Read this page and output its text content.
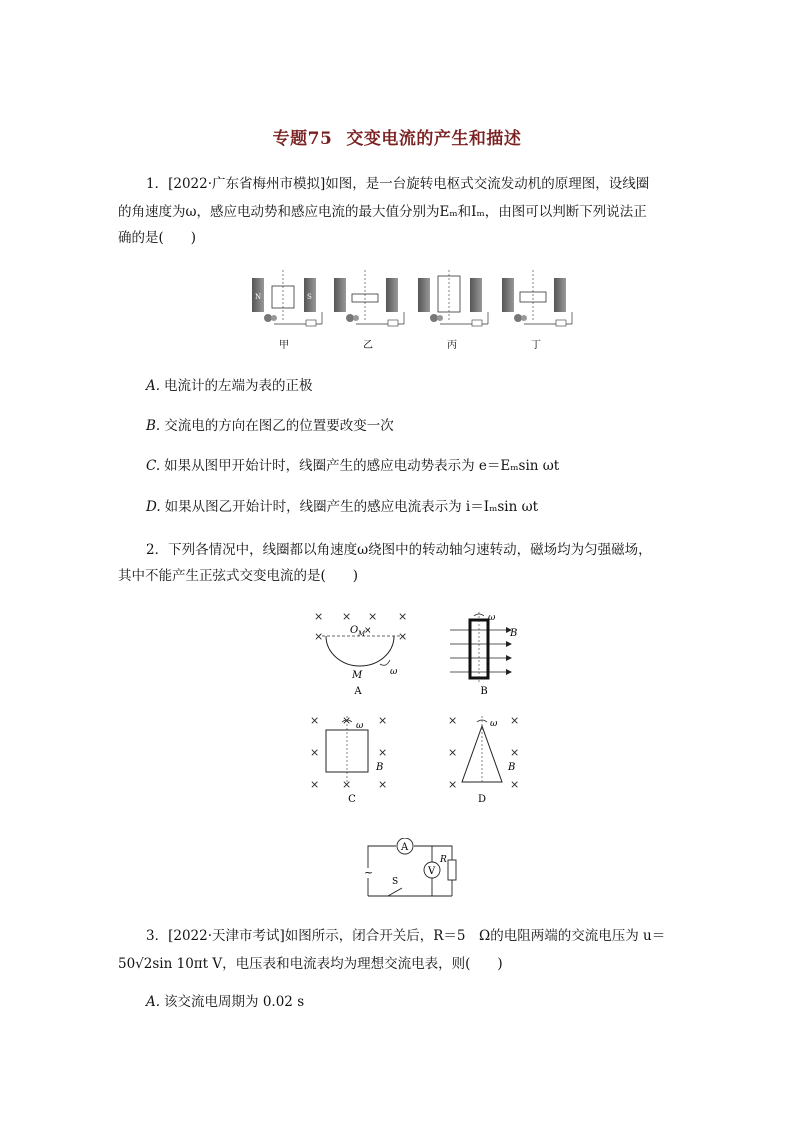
专题75 交变电流的产生和描述
1．[2022·广东省梅州市模拟]如图，是一台旋转电枢式交流发动机的原理图，设线圈
的角速度为ω，感应电动势和感应电流的最大值分别为Eₘ和Iₘ，由图可以判断下列说法正
确的是(　　)
N	S
甲	乙	丙	丁
A. 电流计的左端为表的正极
B. 交流电的方向在图乙的位置要改变一次
C. 如果从图甲开始计时，线圈产生的感应电动势表示为 e＝Eₘsin ωt
D. 如果从图乙开始计时，线圈产生的感应电流表示为 i＝Iₘsin ωt
2．下列各情况中，线圈都以角速度ω绕图中的转动轴匀速转动，磁场均为匀强磁场，
其中不能产生正弦式交变电流的是(　　)
× × × ×
×	×
O M
×
M	ω
A
ω
B
B
× × ×
×	×
× × ×
ω
B
C
×	×
×	×
×	×
ω
B
D
A
V
R
S
~
3．[2022·天津市考试]如图所示，闭合开关后，R＝5　Ω的电阻两端的交流电压为 u＝
50√2sin 10πt V，电压表和电流表均为理想交流电表，则(　　)
A. 该交流电周期为 0.02 s
